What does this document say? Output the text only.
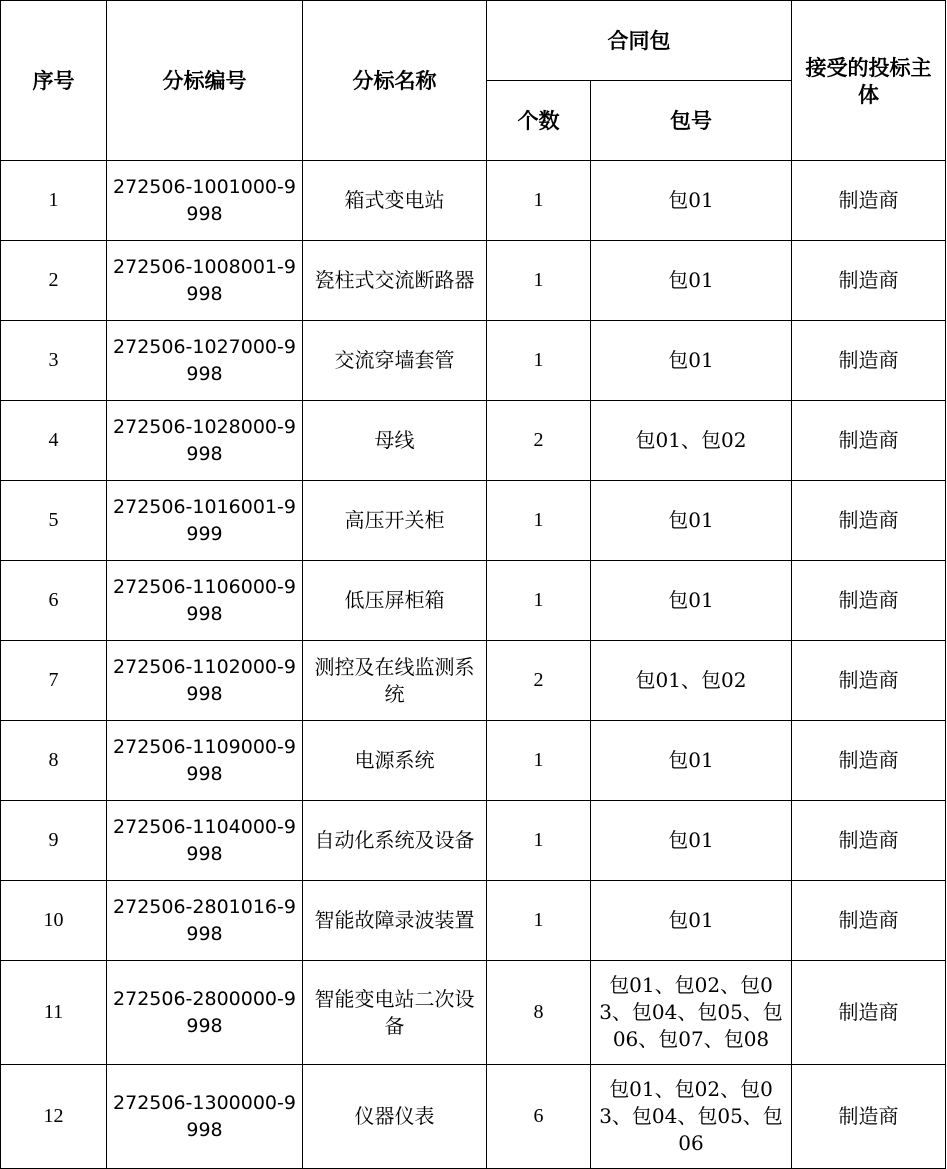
序号	分标编号	分标名称	合同包		接受的投标主体
			个数	包号	
1	272506-1001000-9998	箱式变电站	1	包01	制造商
2	272506-1008001-9998	瓷柱式交流断路器	1	包01	制造商
3	272506-1027000-9998	交流穿墙套管	1	包01	制造商
4	272506-1028000-9998	母线	2	包01、包02	制造商
5	272506-1016001-9999	高压开关柜	1	包01	制造商
6	272506-1106000-9998	低压屏柜箱	1	包01	制造商
7	272506-1102000-9998	测控及在线监测系统	2	包01、包02	制造商
8	272506-1109000-9998	电源系统	1	包01	制造商
9	272506-1104000-9998	自动化系统及设备	1	包01	制造商
10	272506-2801016-9998	智能故障录波装置	1	包01	制造商
11	272506-2800000-9998	智能变电站二次设备	8	包01、包02、包03、包04、包05、包06、包07、包08	制造商
12	272506-1300000-9998	仪器仪表	6	包01、包02、包03、包04、包05、包06	制造商
